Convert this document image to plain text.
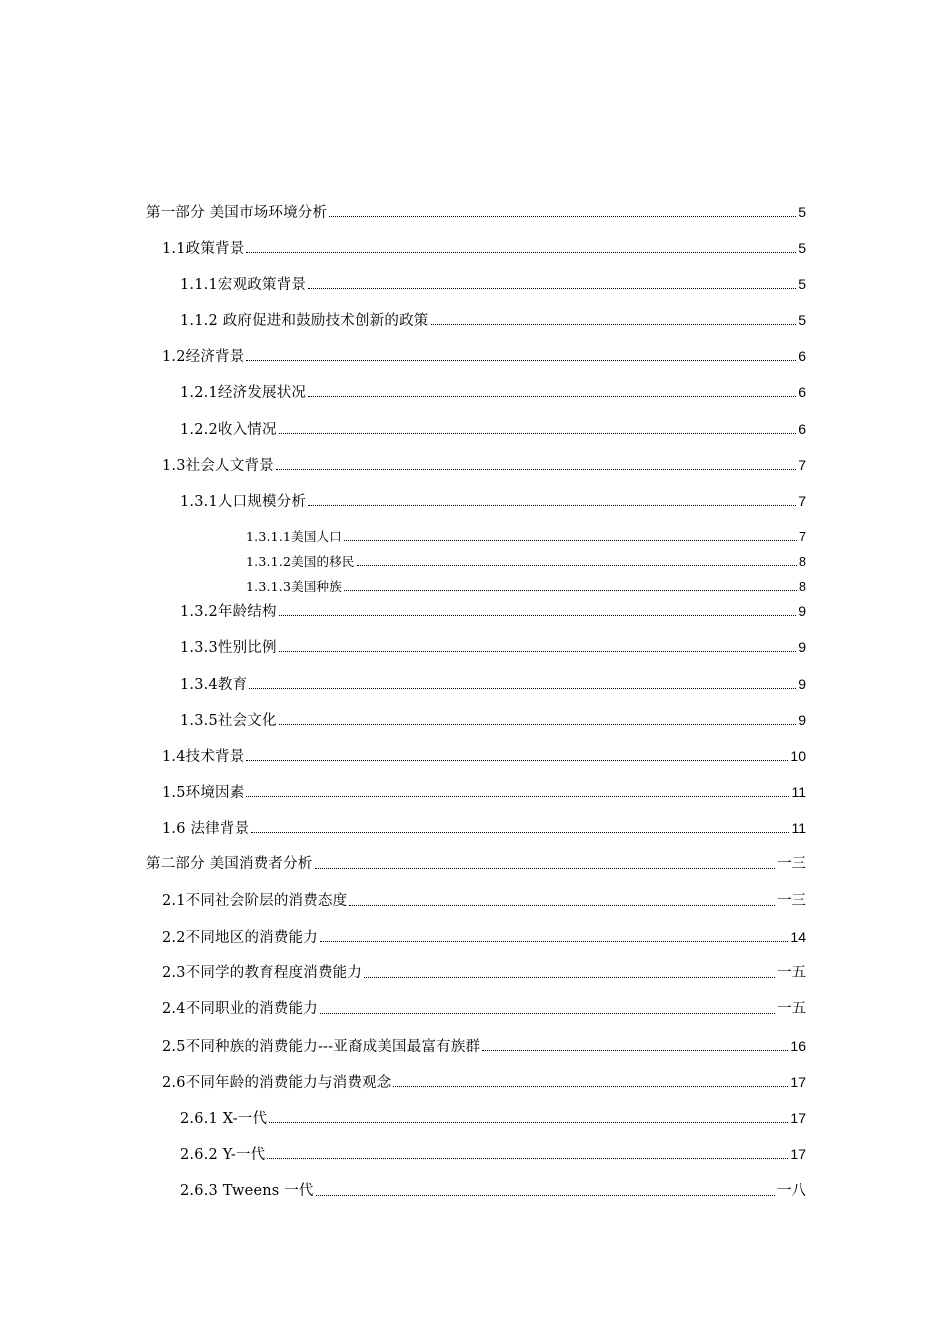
第一部分 美国市场环境分析	5
1.1政策背景	5
1.1.1宏观政策背景	5
1.1.2 政府促进和鼓励技术创新的政策	5
1.2经济背景	6
1.2.1经济发展状况	6
1.2.2收入情况	6
1.3社会人文背景	7
1.3.1人口规模分析	7
1.3.1.1美国人口	7
1.3.1.2美国的移民	8
1.3.1.3美国种族	8
1.3.2年龄结构	9
1.3.3性别比例	9
1.3.4教育	9
1.3.5社会文化	9
1.4技术背景	10
1.5环境因素	11
1.6 法律背景	11
第二部分 美国消费者分析	一三
2.1不同社会阶层的消费态度	一三
2.2不同地区的消费能力	14
2.3不同学的教育程度消费能力	一五
2.4不同职业的消费能力	一五
2.5不同种族的消费能力---亚裔成美国最富有族群	16
2.6不同年龄的消费能力与消费观念	17
2.6.1 X-一代	17
2.6.2 Y-一代	17
2.6.3 Tweens 一代	一八
